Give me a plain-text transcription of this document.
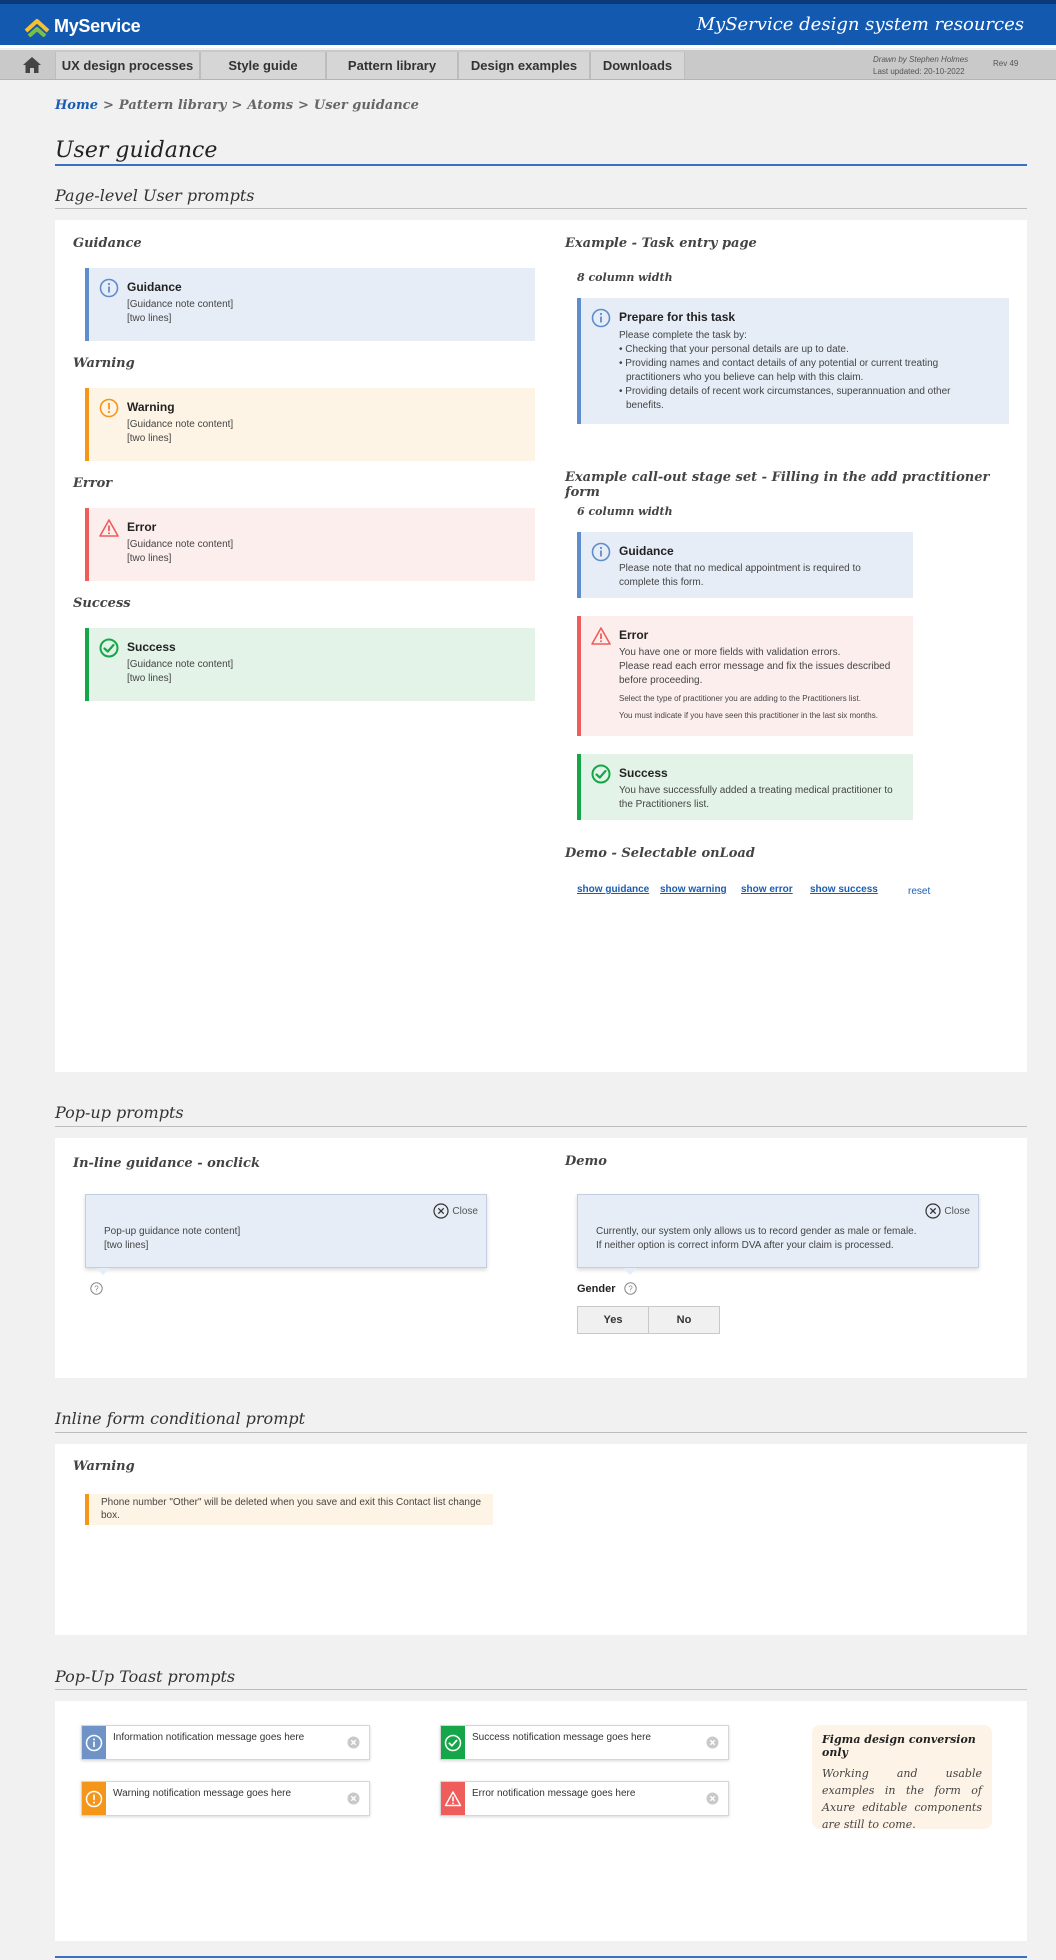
MyService	MyService design system resources
UX design processes	Style guide	Pattern library	Design examples	Downloads	Drawn by Stephen Holmes
Last updated: 20-10-2022
Rev 49
Home > Pattern library > Atoms > User guidance
User guidance
Page-level User prompts
Guidance
Guidance
[Guidance note content]
[two lines]
Warning
Warning
[Guidance note content]
[two lines]
Error
Error
[Guidance note content]
[two lines]
Success
Success
[Guidance note content]
[two lines]
Example - Task entry page
8 column width
Prepare for this task
Please complete the task by:
• Checking that your personal details are up to date.
• Providing names and contact details of any potential or current treating
practitioners who you believe can help with this claim.
• Providing details of recent work circumstances, superannuation and other
benefits.
Example call-out stage set - Filling in the add practitioner form
6 column width
Guidance
Please note that no medical appointment is required to
complete this form.
Error
You have one or more fields with validation errors.
Please read each error message and fix the issues described
before proceeding.
Select the type of practitioner you are adding to the Practitioners list.
You must indicate if you have seen this practitioner in the last six months.
Success
You have successfully added a treating medical practitioner to
the Practitioners list.
Demo - Selectable onLoad
show guidance show warning show error show success	reset
Pop-up prompts
In-line guidance - onclick
Close
Pop-up guidance note content]
[two lines]
?
Demo
Close
Currently, our system only allows us to record gender as male or female.
If neither option is correct inform DVA after your claim is processed.
Gender ?
Yes	No
Inline form conditional prompt
Warning
Phone number "Other" will be deleted when you save and exit this Contact list change
box.
Pop-Up Toast prompts
Information notification message goes here	Success notification message goes here
Warning notification message goes here	Error notification message goes here
Figma design conversion only
Working and usable examples in the form of Axure editable components are still to come.
